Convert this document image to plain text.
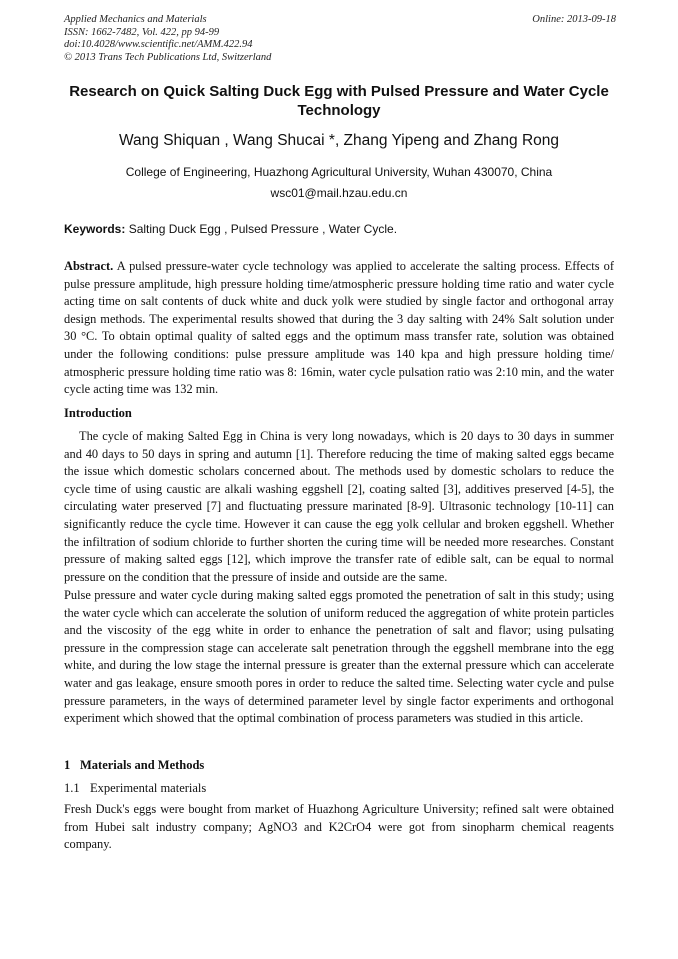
Applied Mechanics and Materials
ISSN: 1662-7482, Vol. 422, pp 94-99
doi:10.4028/www.scientific.net/AMM.422.94
© 2013 Trans Tech Publications Ltd, Switzerland
Online: 2013-09-18
Research on Quick Salting Duck Egg with Pulsed Pressure and Water Cycle Technology
Wang Shiquan , Wang Shucai *, Zhang Yipeng and Zhang Rong
College of Engineering, Huazhong Agricultural University, Wuhan 430070, China
wsc01@mail.hzau.edu.cn
Keywords: Salting Duck Egg , Pulsed Pressure , Water Cycle.
Abstract. A pulsed pressure-water cycle technology was applied to accelerate the salting process. Effects of pulse pressure amplitude, high pressure holding time/atmospheric pressure holding time ratio and water cycle acting time on salt contents of duck white and duck yolk were studied by single factor and orthogonal array design methods. The experimental results showed that during the 3 day salting with 24% Salt solution under 30 °C. To obtain optimal quality of salted eggs and the optimum mass transfer rate, solution was obtained under the following conditions: pulse pressure amplitude was 140 kpa and high pressure holding time/ atmospheric pressure holding time ratio was 8: 16min, water cycle pulsation ratio was 2:10 min, and the water cycle acting time was 132 min.
Introduction
The cycle of making Salted Egg in China is very long nowadays, which is 20 days to 30 days in summer and 40 days to 50 days in spring and autumn [1]. Therefore reducing the time of making salted eggs became the issue which domestic scholars concerned about. The methods used by domestic scholars to reduce the cycle time of using caustic are alkali washing eggshell [2], coating salted [3], additives preserved [4-5], the circulating water preserved [7] and fluctuating pressure marinated [8-9]. Ultrasonic technology [10-11] can significantly reduce the cycle time. However it can cause the egg yolk cellular and broken eggshell. Whether the infiltration of sodium chloride to further shorten the curing time will be needed more researches. Constant pressure of making salted eggs [12], which improve the transfer rate of edible salt, can be equal to normal pressure on the condition that the pressure of inside and outside are the same.
Pulse pressure and water cycle during making salted eggs promoted the penetration of salt in this study; using the water cycle which can accelerate the solution of uniform reduced the aggregation of white protein particles and the viscosity of the egg white in order to enhance the penetration of salt and flavor; using pulsating pressure in the compression stage can accelerate salt penetration through the eggshell membrane into the egg white, and during the low stage the internal pressure is greater than the external pressure which can accelerate water and gas leakage, ensure smooth pores in order to reduce the salted time. Selecting water cycle and pulse pressure parameters, in the ways of determined parameter level by single factor experiments and orthogonal experiment which showed that the optimal combination of process parameters was studied in this article.
1 Materials and Methods
1.1 Experimental materials
Fresh Duck's eggs were bought from market of Huazhong Agriculture University; refined salt were obtained from Hubei salt industry company; AgNO3 and K2CrO4 were got from sinopharm chemical reagents company.
